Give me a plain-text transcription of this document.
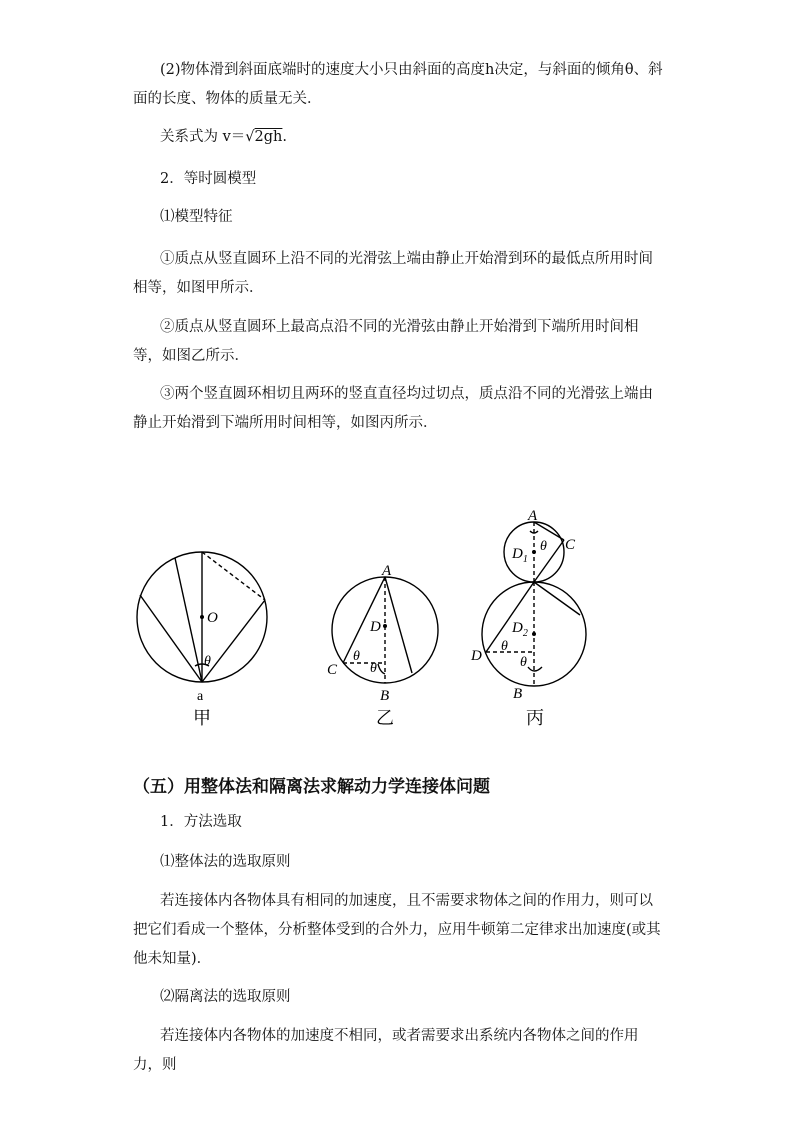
(2)物体滑到斜面底端时的速度大小只由斜面的高度h决定，与斜面的倾角θ、斜面的长度、物体的质量无关．

关系式为 v＝√2gh.

2．等时圆模型

⑴模型特征

①质点从竖直圆环上沿不同的光滑弦上端由静止开始滑到环的最低点所用时间相等，如图甲所示．

②质点从竖直圆环上最高点沿不同的光滑弦由静止开始滑到下端所用时间相等，如图乙所示．

③两个竖直圆环相切且两环的竖直直径均过切点，质点沿不同的光滑弦上端由静止开始滑到下端所用时间相等，如图丙所示．

O
θ
a
甲
A
D
C
θ
θ
B
乙
A
$D_1$
θ C
$D_2$
D
θ
θ
B
丙

（五）用整体法和隔离法求解动力学连接体问题

1．方法选取

⑴整体法的选取原则

若连接体内各物体具有相同的加速度，且不需要求物体之间的作用力，则可以把它们看成一个整体，分析整体受到的合外力，应用牛顿第二定律求出加速度(或其他未知量)．

⑵隔离法的选取原则

若连接体内各物体的加速度不相同，或者需要求出系统内各物体之间的作用力，则
